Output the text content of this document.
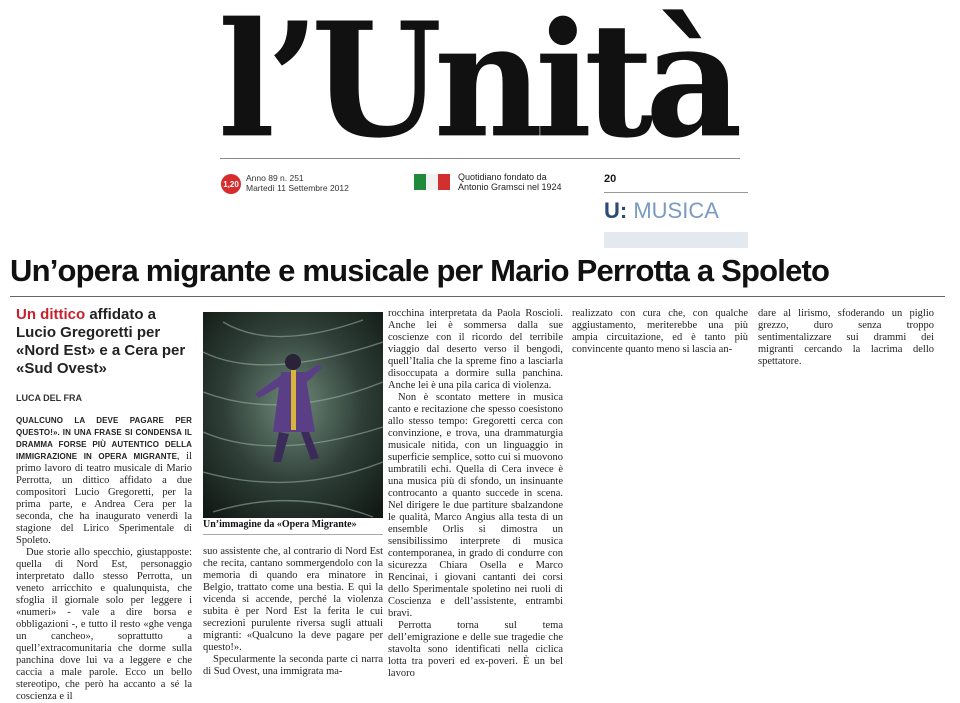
l’Unità
1,20
Anno 89 n. 251
Martedì 11 Settembre 2012
Quotidiano fondato da
Antonio Gramsci nel 1924
20
U: MUSICA
Un’opera migrante e musicale per Mario Perrotta a Spoleto
Un dittico affidato a Lucio Gregoretti per «Nord Est» e a Cera per «Sud Ovest»
LUCA DEL FRA

QUALCUNO LA DEVE PAGARE PER QUESTO!». IN UNA FRASE SI CONDENSA IL DRAMMA FORSE PIÙ AUTENTICO DELLA IMMIGRAZIONE IN OPERA MIGRANTE, il primo lavoro di teatro musicale di Mario Perrotta, un dittico affidato a due compositori Lucio Gregoretti, per la prima parte, e Andrea Cera per la seconda, che ha inaugurato venerdì la stagione del Lirico Sperimentale di Spoleto.

Due storie allo specchio, giustapposte: quella di Nord Est, personaggio interpretato dallo stesso Perrotta, un veneto arricchito e qualunquista, che sfoglia il giornale solo per leggere i «numeri» - vale a dire borsa e obbligazioni -, e tutto il resto «ghe venga un cancheo», soprattutto a quell’extracomunitaria che dorme sulla panchina dove lui va a leggere e che caccia a male parole. Ecco un bello stereotipo, che però ha accanto a sé la coscienza e il

Un’immagine da «Opera Migrante»

suo assistente che, al contrario di Nord Est che recita, cantano sommergendolo con la memoria di quando era minatore in Belgio, trattato come una bestia. E qui la vicenda si accende, perché la violenza subita è per Nord Est la ferita le cui secrezioni purulente riversa sugli attuali migranti: «Qualcuno la deve pagare per questo!».

Specularmente la seconda parte ci narra di Sud Ovest, una immigrata ma-

rocchina interpretata da Paola Roscioli. Anche lei è sommersa dalla sue coscienze con il ricordo del terribile viaggio dal deserto verso il bengodi, quell’Italia che la spreme fino a lasciarla disoccupata a dormire sulla panchina. Anche lei è una pila carica di violenza.

Non è scontato mettere in musica canto e recitazione che spesso coesistono allo stesso tempo: Gregoretti cerca con convinzione, e trova, una drammaturgia musicale nitida, con un linguaggio in superficie semplice, sotto cui si muovono umbratili echi. Quella di Cera invece è una musica più di sfondo, un insinuante controcanto a quanto succede in scena. Nel dirigere le due partiture sbalzandone le qualità, Marco Angius alla testa di un ensemble Orlis si dimostra un sensibilissimo interprete di musica contemporanea, in grado di condurre con sicurezza Chiara Osella e Marco Rencinai, i giovani cantanti dei corsi dello Sperimentale spoletino nei ruoli di Coscienza e dell’assistente, entrambi bravi.

Perrotta torna sul tema dell’emigrazione e delle sue tragedie che stavolta sono identificati nella ciclica lotta tra poveri ed ex-poveri. È un bel lavoro

realizzato con cura che, con qualche aggiustamento, meriterebbe una più ampia circuitazione, ed è tanto più convincente quanto meno si lascia an-

dare al lirismo, sfoderando un piglio grezzo, duro senza troppo sentimentalizzare sui drammi dei migranti cercando la lacrima dello spettatore.
